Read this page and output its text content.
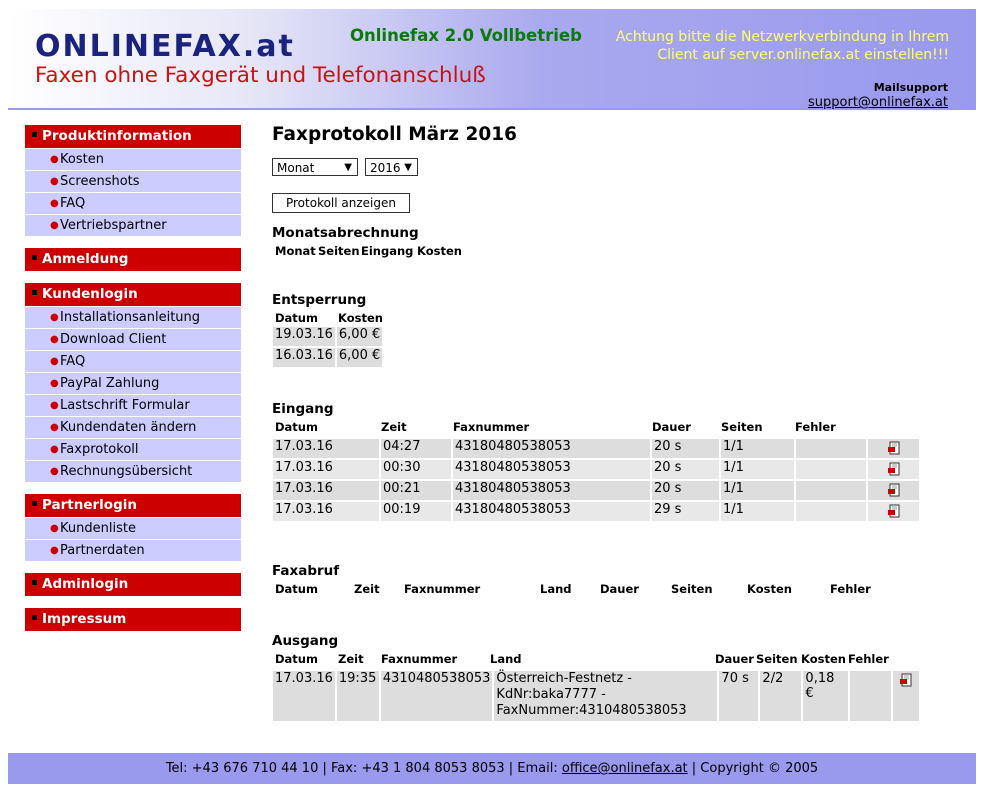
ONLINEFAX.at
Faxen ohne Faxgerät und Telefonanschluß
Onlinefax 2.0 Vollbetrieb	Achtung bitte die Netzwerkverbindung in Ihrem Client auf server.onlinefax.at einstellen!!!
Mailsupport
support@onlinefax.at
Produktinformation
● Kosten
● Screenshots
● FAQ
● Vertriebspartner
Anmeldung
Kundenlogin
● Installationsanleitung
● Download Client
● FAQ
● PayPal Zahlung
● Lastschrift Formular
● Kundendaten ändern
● Faxprotokoll
● Rechnungsübersicht
Partnerlogin
● Kundenliste
● Partnerdaten
Adminlogin
Impressum
Faxprotokoll März 2016
Monat	▼	2016 ▼
Protokoll anzeigen
Monatsabrechnung
Monat Seiten Eingang Kosten
Entsperrung
Datum Kosten
19.03.16	6,00 €
16.03.16	6,00 €
Eingang
Datum	Zeit	Faxnummer	Dauer	Seiten	Fehler
17.03.16	04:27	43180480538053	20 s	1/1		
17.03.16	00:30	43180480538053	20 s	1/1		
17.03.16	00:21	43180480538053	20 s	1/1		
17.03.16	00:19	43180480538053	29 s	1/1		
Faxabruf
Datum	Zeit Faxnummer	Land Dauer	Seiten	Kosten	Fehler
Ausgang
Datum Zeit Faxnummer	Land	Dauer Seiten Kosten Fehler
17.03.16	19:35	4310480538053	Österreich-Festnetz - KdNr:baka7777 - FaxNummer:4310480538053	70 s	2/2	0,18 €		
Tel: +43 676 710 44 10 | Fax: +43 1 804 8053 8053 | Email: office@onlinefax.at | Copyright © 2005
